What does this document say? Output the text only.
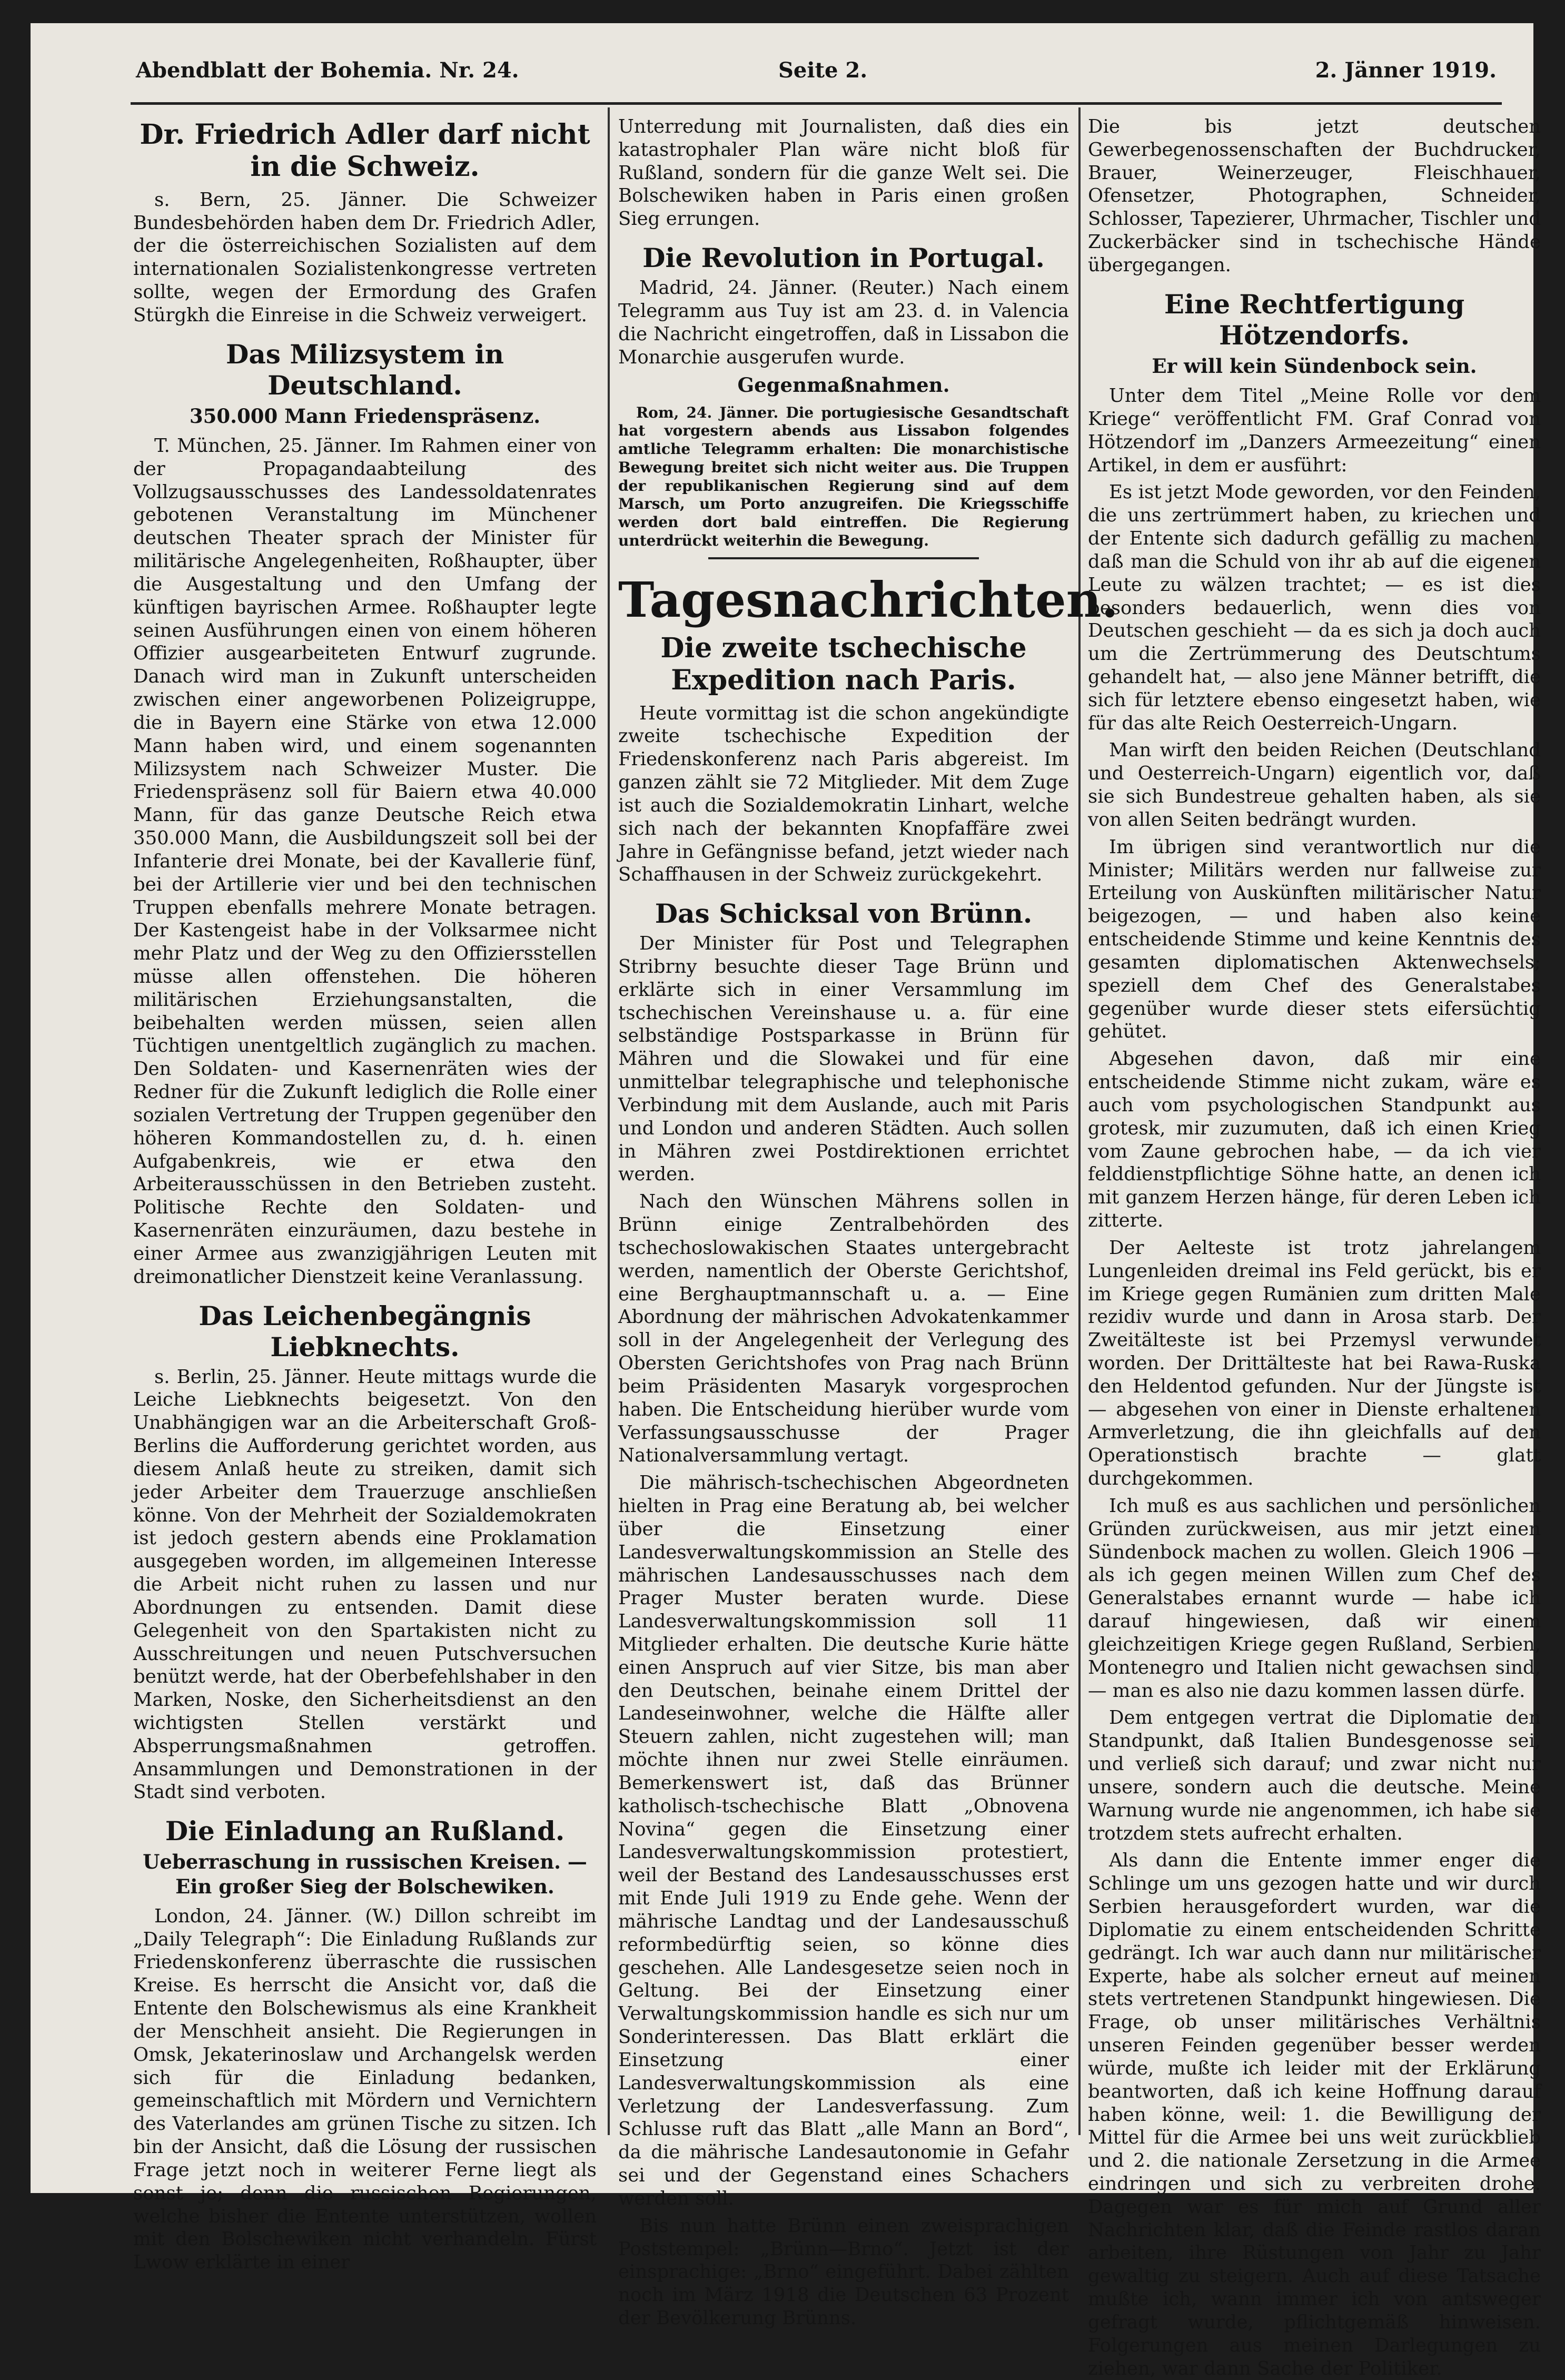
Abendblatt der Bohemia. Nr. 24.	Seite 2.	2. Jänner 1919.
Dr. Friedrich Adler darf nicht in die Schweiz.

s. Bern, 25. Jänner. Die Schweizer Bundesbehörden haben dem Dr. Friedrich Adler, der die österreichischen Sozialisten auf dem internationalen Sozialistenkongresse vertreten sollte, wegen der Ermordung des Grafen Stürgkh die Einreise in die Schweiz verweigert.

Das Milizsystem in Deutschland.
350.000 Mann Friedenspräsenz.

T. München, 25. Jänner. Im Rahmen einer von der Propagandaabteilung des Vollzugsausschusses des Landessoldatenrates gebotenen Veranstaltung im Münchener deutschen Theater sprach der Minister für militärische Angelegenheiten, Roßhaupter, über die Ausgestaltung und den Umfang der künftigen bayrischen Armee. Roßhaupter legte seinen Ausführungen einen von einem höheren Offizier ausgearbeiteten Entwurf zugrunde. Danach wird man in Zukunft unterscheiden zwischen einer angeworbenen Polizeigruppe, die in Bayern eine Stärke von etwa 12.000 Mann haben wird, und einem sogenannten Milizsystem nach Schweizer Muster. Die Friedenspräsenz soll für Baiern etwa 40.000 Mann, für das ganze Deutsche Reich etwa 350.000 Mann, die Ausbildungszeit soll bei der Infanterie drei Monate, bei der Kavallerie fünf, bei der Artillerie vier und bei den technischen Truppen ebenfalls mehrere Monate betragen. Der Kastengeist habe in der Volksarmee nicht mehr Platz und der Weg zu den Offiziersstellen müsse allen offenstehen. Die höheren militärischen Erziehungsanstalten, die beibehalten werden müssen, seien allen Tüchtigen unentgeltlich zugänglich zu machen. Den Soldaten- und Kasernenräten wies der Redner für die Zukunft lediglich die Rolle einer sozialen Vertretung der Truppen gegenüber den höheren Kommandostellen zu, d. h. einen Aufgabenkreis, wie er etwa den Arbeiterausschüssen in den Betrieben zusteht. Politische Rechte den Soldaten- und Kasernenräten einzuräumen, dazu bestehe in einer Armee aus zwanzigjährigen Leuten mit dreimonatlicher Dienstzeit keine Veranlassung.

Das Leichenbegängnis Liebknechts.

s. Berlin, 25. Jänner. Heute mittags wurde die Leiche Liebknechts beigesetzt. Von den Unabhängigen war an die Arbeiterschaft Groß-Berlins die Aufforderung gerichtet worden, aus diesem Anlaß heute zu streiken, damit sich jeder Arbeiter dem Trauerzuge anschließen könne. Von der Mehrheit der Sozialdemokraten ist jedoch gestern abends eine Proklamation ausgegeben worden, im allgemeinen Interesse die Arbeit nicht ruhen zu lassen und nur Abordnungen zu entsenden. Damit diese Gelegenheit von den Spartakisten nicht zu Ausschreitungen und neuen Putschversuchen benützt werde, hat der Oberbefehlshaber in den Marken, Noske, den Sicherheitsdienst an den wichtigsten Stellen verstärkt und Absperrungsmaßnahmen getroffen. Ansammlungen und Demonstrationen in der Stadt sind verboten.

Die Einladung an Rußland.
Ueberraschung in russischen Kreisen. — Ein großer Sieg der Bolschewiken.

London, 24. Jänner. (W.) Dillon schreibt im „Daily Telegraph“: Die Einladung Rußlands zur Friedenskonferenz überraschte die russischen Kreise. Es herrscht die Ansicht vor, daß die Entente den Bolschewismus als eine Krankheit der Menschheit ansieht. Die Regierungen in Omsk, Jekaterinoslaw und Archangelsk werden sich für die Einladung bedanken, gemeinschaftlich mit Mördern und Vernichtern des Vaterlandes am grünen Tische zu sitzen. Ich bin der Ansicht, daß die Lösung der russischen Frage jetzt noch in weiterer Ferne liegt als sonst je; denn die russischen Regierungen, welche bisher die Entente unterstützen, wollen mit den Bolschewiken nicht verhandeln. Fürst Lwow erklärte in einer

Unterredung mit Journalisten, daß dies ein katastrophaler Plan wäre nicht bloß für Rußland, sondern für die ganze Welt sei. Die Bolschewiken haben in Paris einen großen Sieg errungen.

Die Revolution in Portugal.

Madrid, 24. Jänner. (Reuter.) Nach einem Telegramm aus Tuy ist am 23. d. in Valencia die Nachricht eingetroffen, daß in Lissabon die Monarchie ausgerufen wurde.

Gegenmaßnahmen.

Rom, 24. Jänner. Die portugiesische Gesandtschaft hat vorgestern abends aus Lissabon folgendes amtliche Telegramm erhalten: Die monarchistische Bewegung breitet sich nicht weiter aus. Die Truppen der republikanischen Regierung sind auf dem Marsch, um Porto anzugreifen. Die Kriegsschiffe werden dort bald eintreffen. Die Regierung unterdrückt weiterhin die Bewegung.

Tagesnachrichten.
Die zweite tschechische Expedition nach Paris.

Heute vormittag ist die schon angekündigte zweite tschechische Expedition der Friedenskonferenz nach Paris abgereist. Im ganzen zählt sie 72 Mitglieder. Mit dem Zuge ist auch die Sozialdemokratin Linhart, welche sich nach der bekannten Knopfaffäre zwei Jahre in Gefängnisse befand, jetzt wieder nach Schaffhausen in der Schweiz zurückgekehrt.

Das Schicksal von Brünn.

Der Minister für Post und Telegraphen Stribrny besuchte dieser Tage Brünn und erklärte sich in einer Versammlung im tschechischen Vereinshause u. a. für eine selbständige Postsparkasse in Brünn für Mähren und die Slowakei und für eine unmittelbar telegraphische und telephonische Verbindung mit dem Auslande, auch mit Paris und London und anderen Städten. Auch sollen in Mähren zwei Postdirektionen errichtet werden.

Nach den Wünschen Mährens sollen in Brünn einige Zentralbehörden des tschechoslowakischen Staates untergebracht werden, namentlich der Oberste Gerichtshof, eine Berghauptmannschaft u. a. — Eine Abordnung der mährischen Advokatenkammer soll in der Angelegenheit der Verlegung des Obersten Gerichtshofes von Prag nach Brünn beim Präsidenten Masaryk vorgesprochen haben. Die Entscheidung hierüber wurde vom Verfassungsausschusse der Prager Nationalversammlung vertagt.

Die mährisch-tschechischen Abgeordneten hielten in Prag eine Beratung ab, bei welcher über die Einsetzung einer Landesverwaltungskommission an Stelle des mährischen Landesausschusses nach dem Prager Muster beraten wurde. Diese Landesverwaltungskommission soll 11 Mitglieder erhalten. Die deutsche Kurie hätte einen Anspruch auf vier Sitze, bis man aber den Deutschen, beinahe einem Drittel der Landeseinwohner, welche die Hälfte aller Steuern zahlen, nicht zugestehen will; man möchte ihnen nur zwei Stelle einräumen. Bemerkenswert ist, daß das Brünner katholisch-tschechische Blatt „Obnovena Novina“ gegen die Einsetzung einer Landesverwaltungskommission protestiert, weil der Bestand des Landesausschusses erst mit Ende Juli 1919 zu Ende gehe. Wenn der mährische Landtag und der Landesausschuß reformbedürftig seien, so könne dies geschehen. Alle Landesgesetze seien noch in Geltung. Bei der Einsetzung einer Verwaltungskommission handle es sich nur um Sonderinteressen. Das Blatt erklärt die Einsetzung einer Landesverwaltungskommission als eine Verletzung der Landesverfassung. Zum Schlusse ruft das Blatt „alle Mann an Bord“, da die mährische Landesautonomie in Gefahr sei und der Gegenstand eines Schachers werden soll.

Bis nun hatte Brünn einen zweisprachigen Poststempel: „Brünn—Brno“. Jetzt ist der einsprachige: „Brno“ eingeführt. Dabei zählten noch im März 1918 die Deutschen 63 Prozent der Bevölkerung Brünns.

Die bis jetzt deutschen Gewerbegenossenschaften der Buchdrucker, Brauer, Weinerzeuger, Fleischhauer, Ofensetzer, Photographen, Schneider, Schlosser, Tapezierer, Uhrmacher, Tischler und Zuckerbäcker sind in tschechische Hände übergegangen.

Eine Rechtfertigung Hötzendorfs.
Er will kein Sündenbock sein.

Unter dem Titel „Meine Rolle vor dem Kriege“ veröffentlicht FM. Graf Conrad von Hötzendorf im „Danzers Armeezeitung“ einen Artikel, in dem er ausführt:

Es ist jetzt Mode geworden, vor den Feinden, die uns zertrümmert haben, zu kriechen und der Entente sich dadurch gefällig zu machen, daß man die Schuld von ihr ab auf die eigenen Leute zu wälzen trachtet; — es ist dies besonders bedauerlich, wenn dies von Deutschen geschieht — da es sich ja doch auch um die Zertrümmerung des Deutschtums gehandelt hat, — also jene Männer betrifft, die sich für letztere ebenso eingesetzt haben, wie für das alte Reich Oesterreich-Ungarn.

Man wirft den beiden Reichen (Deutschland und Oesterreich-Ungarn) eigentlich vor, daß sie sich Bundestreue gehalten haben, als sie von allen Seiten bedrängt wurden.

Im übrigen sind verantwortlich nur die Minister; Militärs werden nur fallweise zur Erteilung von Auskünften militärischer Natur beigezogen, — und haben also keine entscheidende Stimme und keine Kenntnis des gesamten diplomatischen Aktenwechsels; speziell dem Chef des Generalstabes gegenüber wurde dieser stets eifersüchtig gehütet.

Abgesehen davon, daß mir eine entscheidende Stimme nicht zukam, wäre es auch vom psychologischen Standpunkt aus grotesk, mir zuzumuten, daß ich einen Krieg vom Zaune gebrochen habe, — da ich vier felddienstpflichtige Söhne hatte, an denen ich mit ganzem Herzen hänge, für deren Leben ich zitterte.

Der Aelteste ist trotz jahrelangem Lungenleiden dreimal ins Feld gerückt, bis er im Kriege gegen Rumänien zum dritten Male rezidiv wurde und dann in Arosa starb. Der Zweitälteste ist bei Przemysl verwundet worden. Der Drittälteste hat bei Rawa-Ruska den Heldentod gefunden. Nur der Jüngste ist — abgesehen von einer in Dienste erhaltenen Armverletzung, die ihn gleichfalls auf den Operationstisch brachte — glatt durchgekommen.

Ich muß es aus sachlichen und persönlichen Gründen zurückweisen, aus mir jetzt einen Sündenbock machen zu wollen. Gleich 1906 — als ich gegen meinen Willen zum Chef des Generalstabes ernannt wurde — habe ich darauf hingewiesen, daß wir einem gleichzeitigen Kriege gegen Rußland, Serbien, Montenegro und Italien nicht gewachsen sind, — man es also nie dazu kommen lassen dürfe.

Dem entgegen vertrat die Diplomatie den Standpunkt, daß Italien Bundesgenosse sei, und verließ sich darauf; und zwar nicht nur unsere, sondern auch die deutsche. Meine Warnung wurde nie angenommen, ich habe sie trotzdem stets aufrecht erhalten.

Als dann die Entente immer enger die Schlinge um uns gezogen hatte und wir durch Serbien herausgefordert wurden, war die Diplomatie zu einem entscheidenden Schritte gedrängt. Ich war auch dann nur militärischer Experte, habe als solcher erneut auf meinen stets vertretenen Standpunkt hingewiesen. Die Frage, ob unser militärisches Verhältnis unseren Feinden gegenüber besser werden würde, mußte ich leider mit der Erklärung beantworten, daß ich keine Hoffnung darauf haben könne, weil: 1. die Bewilligung der Mittel für die Armee bei uns weit zurückblieb und 2. die nationale Zersetzung in die Armee eindringen und sich zu verbreiten drohe. Dagegen war es für mich auf Grund aller Nachrichten klar, daß die Feinde rastlos daran arbeiten, ihre Rüstungen von Jahr zu Jahr gewaltig zu steigern. Auch auf diese Tatsache mußte ich, wann immer ich von antsweger gefragt wurde, pflichtgemäß hinweisen. Folgerungen aus meinen Darlegungen zu ziehen, war dann Sache der Politiker.
